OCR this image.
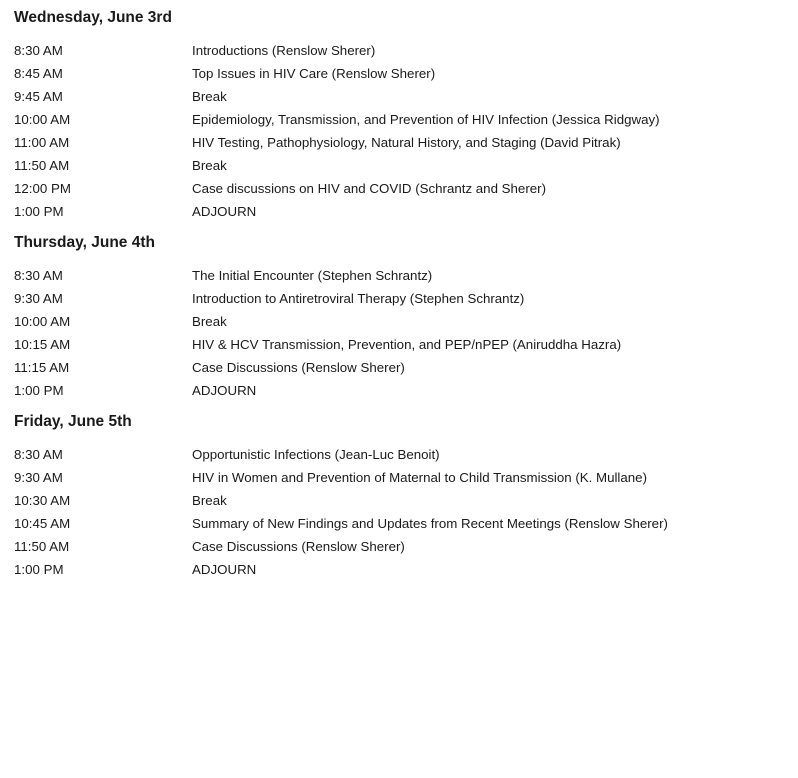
Wednesday, June 3rd
8:30 AM	Introductions (Renslow Sherer)
8:45 AM	Top Issues in HIV Care (Renslow Sherer)
9:45 AM	Break
10:00 AM	Epidemiology, Transmission, and Prevention of HIV Infection (Jessica Ridgway)
11:00 AM	HIV Testing, Pathophysiology, Natural History, and Staging (David Pitrak)
11:50 AM	Break
12:00 PM	Case discussions on HIV and COVID (Schrantz and Sherer)
1:00 PM	ADJOURN
Thursday, June 4th
8:30 AM	The Initial Encounter (Stephen Schrantz)
9:30 AM	Introduction to Antiretroviral Therapy (Stephen Schrantz)
10:00 AM	Break
10:15 AM	HIV & HCV Transmission, Prevention, and PEP/nPEP (Aniruddha Hazra)
11:15 AM	Case Discussions (Renslow Sherer)
1:00 PM	ADJOURN
Friday, June 5th
8:30 AM	Opportunistic Infections (Jean-Luc Benoit)
9:30 AM	HIV in Women and Prevention of Maternal to Child Transmission (K. Mullane)
10:30 AM	Break
10:45 AM	Summary of New Findings and Updates from Recent Meetings (Renslow Sherer)
11:50 AM	Case Discussions (Renslow Sherer)
1:00 PM	ADJOURN
